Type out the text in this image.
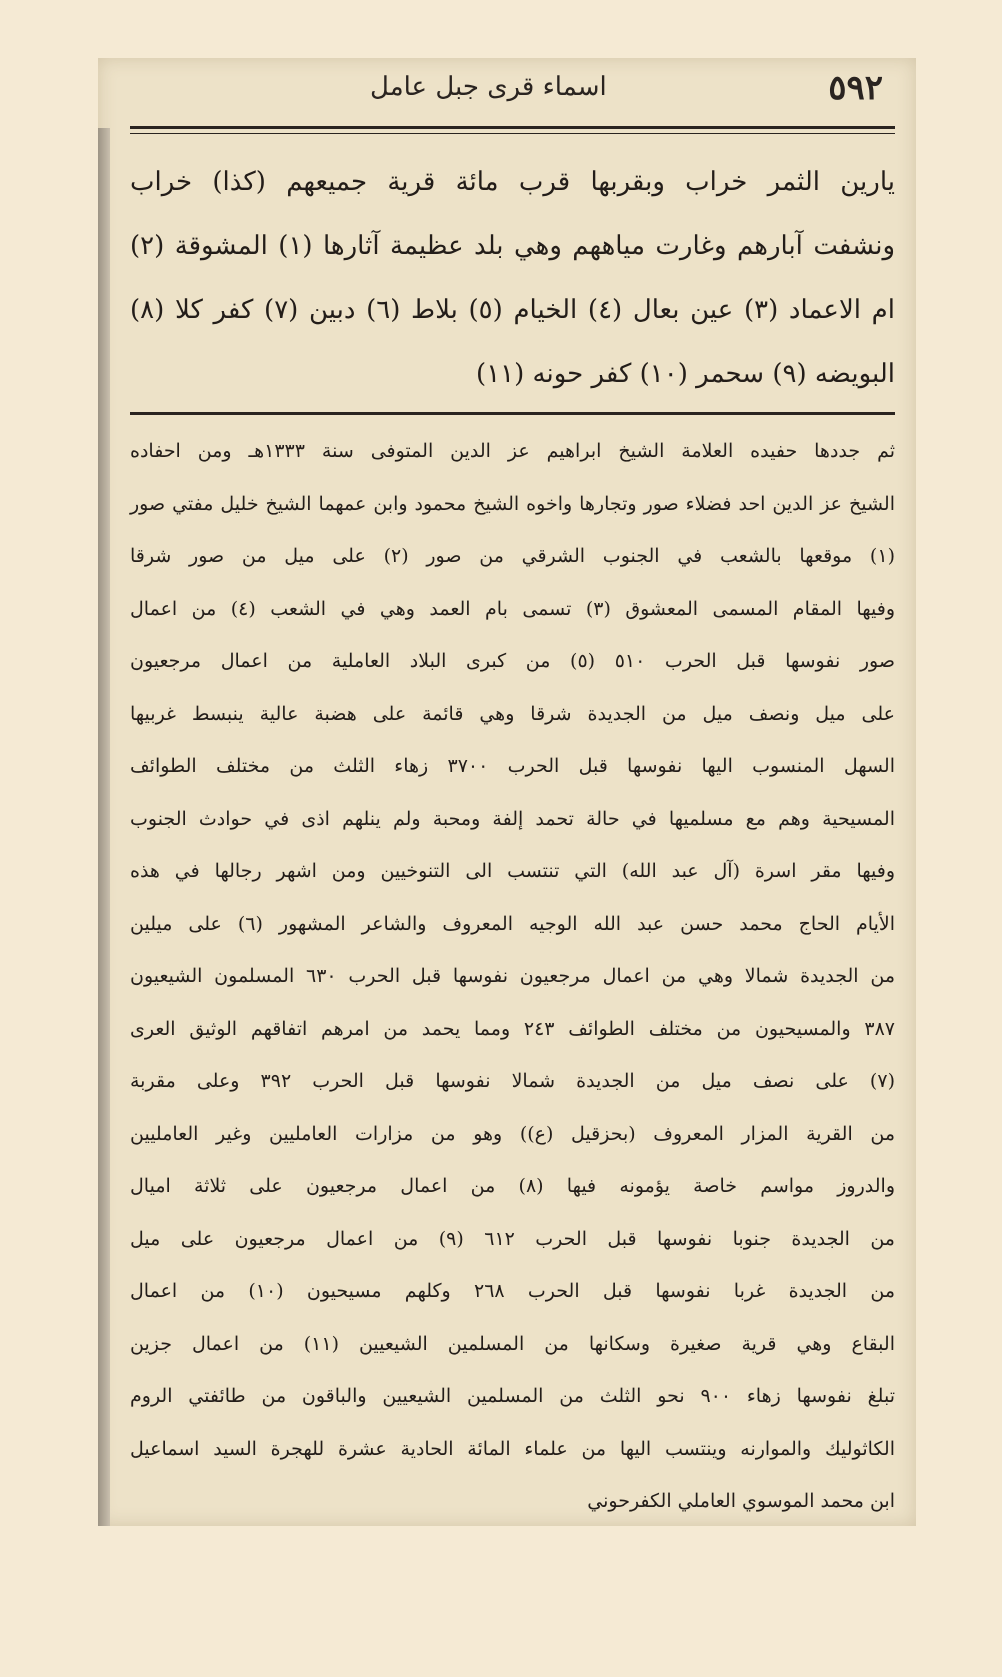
٥٩٢
اسماء قرى جبل عامل
يارين الثمر خراب وبقربها قرب مائة قرية جميعهم (كذا) خراب
ونشفت آبارهم وغارت مياههم وهي بلد عظيمة آثارها (١) المشوقة (٢)
ام الاعماد (٣) عين بعال (٤) الخيام (٥) بلاط (٦) دبين (٧) كفر كلا (٨)
البويضه (٩) سحمر (١٠) كفر حونه (١١)
ثم جددها حفيده العلامة الشيخ ابراهيم عز الدين المتوفى سنة ١٣٣٣هـ ومن احفاده
الشيخ عز الدين احد فضلاء صور وتجارها واخوه الشيخ محمود وابن عمهما الشيخ خليل مفتي صور
(١) موقعها بالشعب في الجنوب الشرقي من صور (٢) على ميل من صور شرقا
وفيها المقام المسمى المعشوق (٣) تسمى بام العمد وهي في الشعب (٤) من اعمال
صور نفوسها قبل الحرب ٥١٠ (٥) من كبرى البلاد العاملية من اعمال مرجعيون
على ميل ونصف ميل من الجديدة شرقا وهي قائمة على هضبة عالية ينبسط غربيها
السهل المنسوب اليها نفوسها قبل الحرب ٣٧٠٠ زهاء الثلث من مختلف الطوائف
المسيحية وهم مع مسلميها في حالة تحمد إلفة ومحبة ولم ينلهم اذى في حوادث الجنوب
وفيها مقر اسرة (آل عبد الله) التي تنتسب الى التنوخيين ومن اشهر رجالها في هذه
الأيام الحاج محمد حسن عبد الله الوجيه المعروف والشاعر المشهور (٦) على ميلين
من الجديدة شمالا وهي من اعمال مرجعيون نفوسها قبل الحرب ٦٣٠ المسلمون الشيعيون
٣٨٧ والمسيحيون من مختلف الطوائف ٢٤٣ ومما يحمد من امرهم اتفاقهم الوثيق العرى
(٧) على نصف ميل من الجديدة شمالا نفوسها قبل الحرب ٣٩٢ وعلى مقربة
من القرية المزار المعروف (بحزقيل (ع)) وهو من مزارات العامليين وغير العامليين
والدروز مواسم خاصة يؤمونه فيها (٨) من اعمال مرجعيون على ثلاثة اميال
من الجديدة جنوبا نفوسها قبل الحرب ٦١٢ (٩) من اعمال مرجعيون على ميل
من الجديدة غربا نفوسها قبل الحرب ٢٦٨ وكلهم مسيحيون (١٠) من اعمال
البقاع وهي قرية صغيرة وسكانها من المسلمين الشيعيين (١١) من اعمال جزين
تبلغ نفوسها زهاء ٩٠٠ نحو الثلث من المسلمين الشيعيين والباقون من طائفتي الروم
الكاثوليك والموارنه وينتسب اليها من علماء المائة الحادية عشرة للهجرة السيد اسماعيل
ابن محمد الموسوي العاملي الكفرحوني
